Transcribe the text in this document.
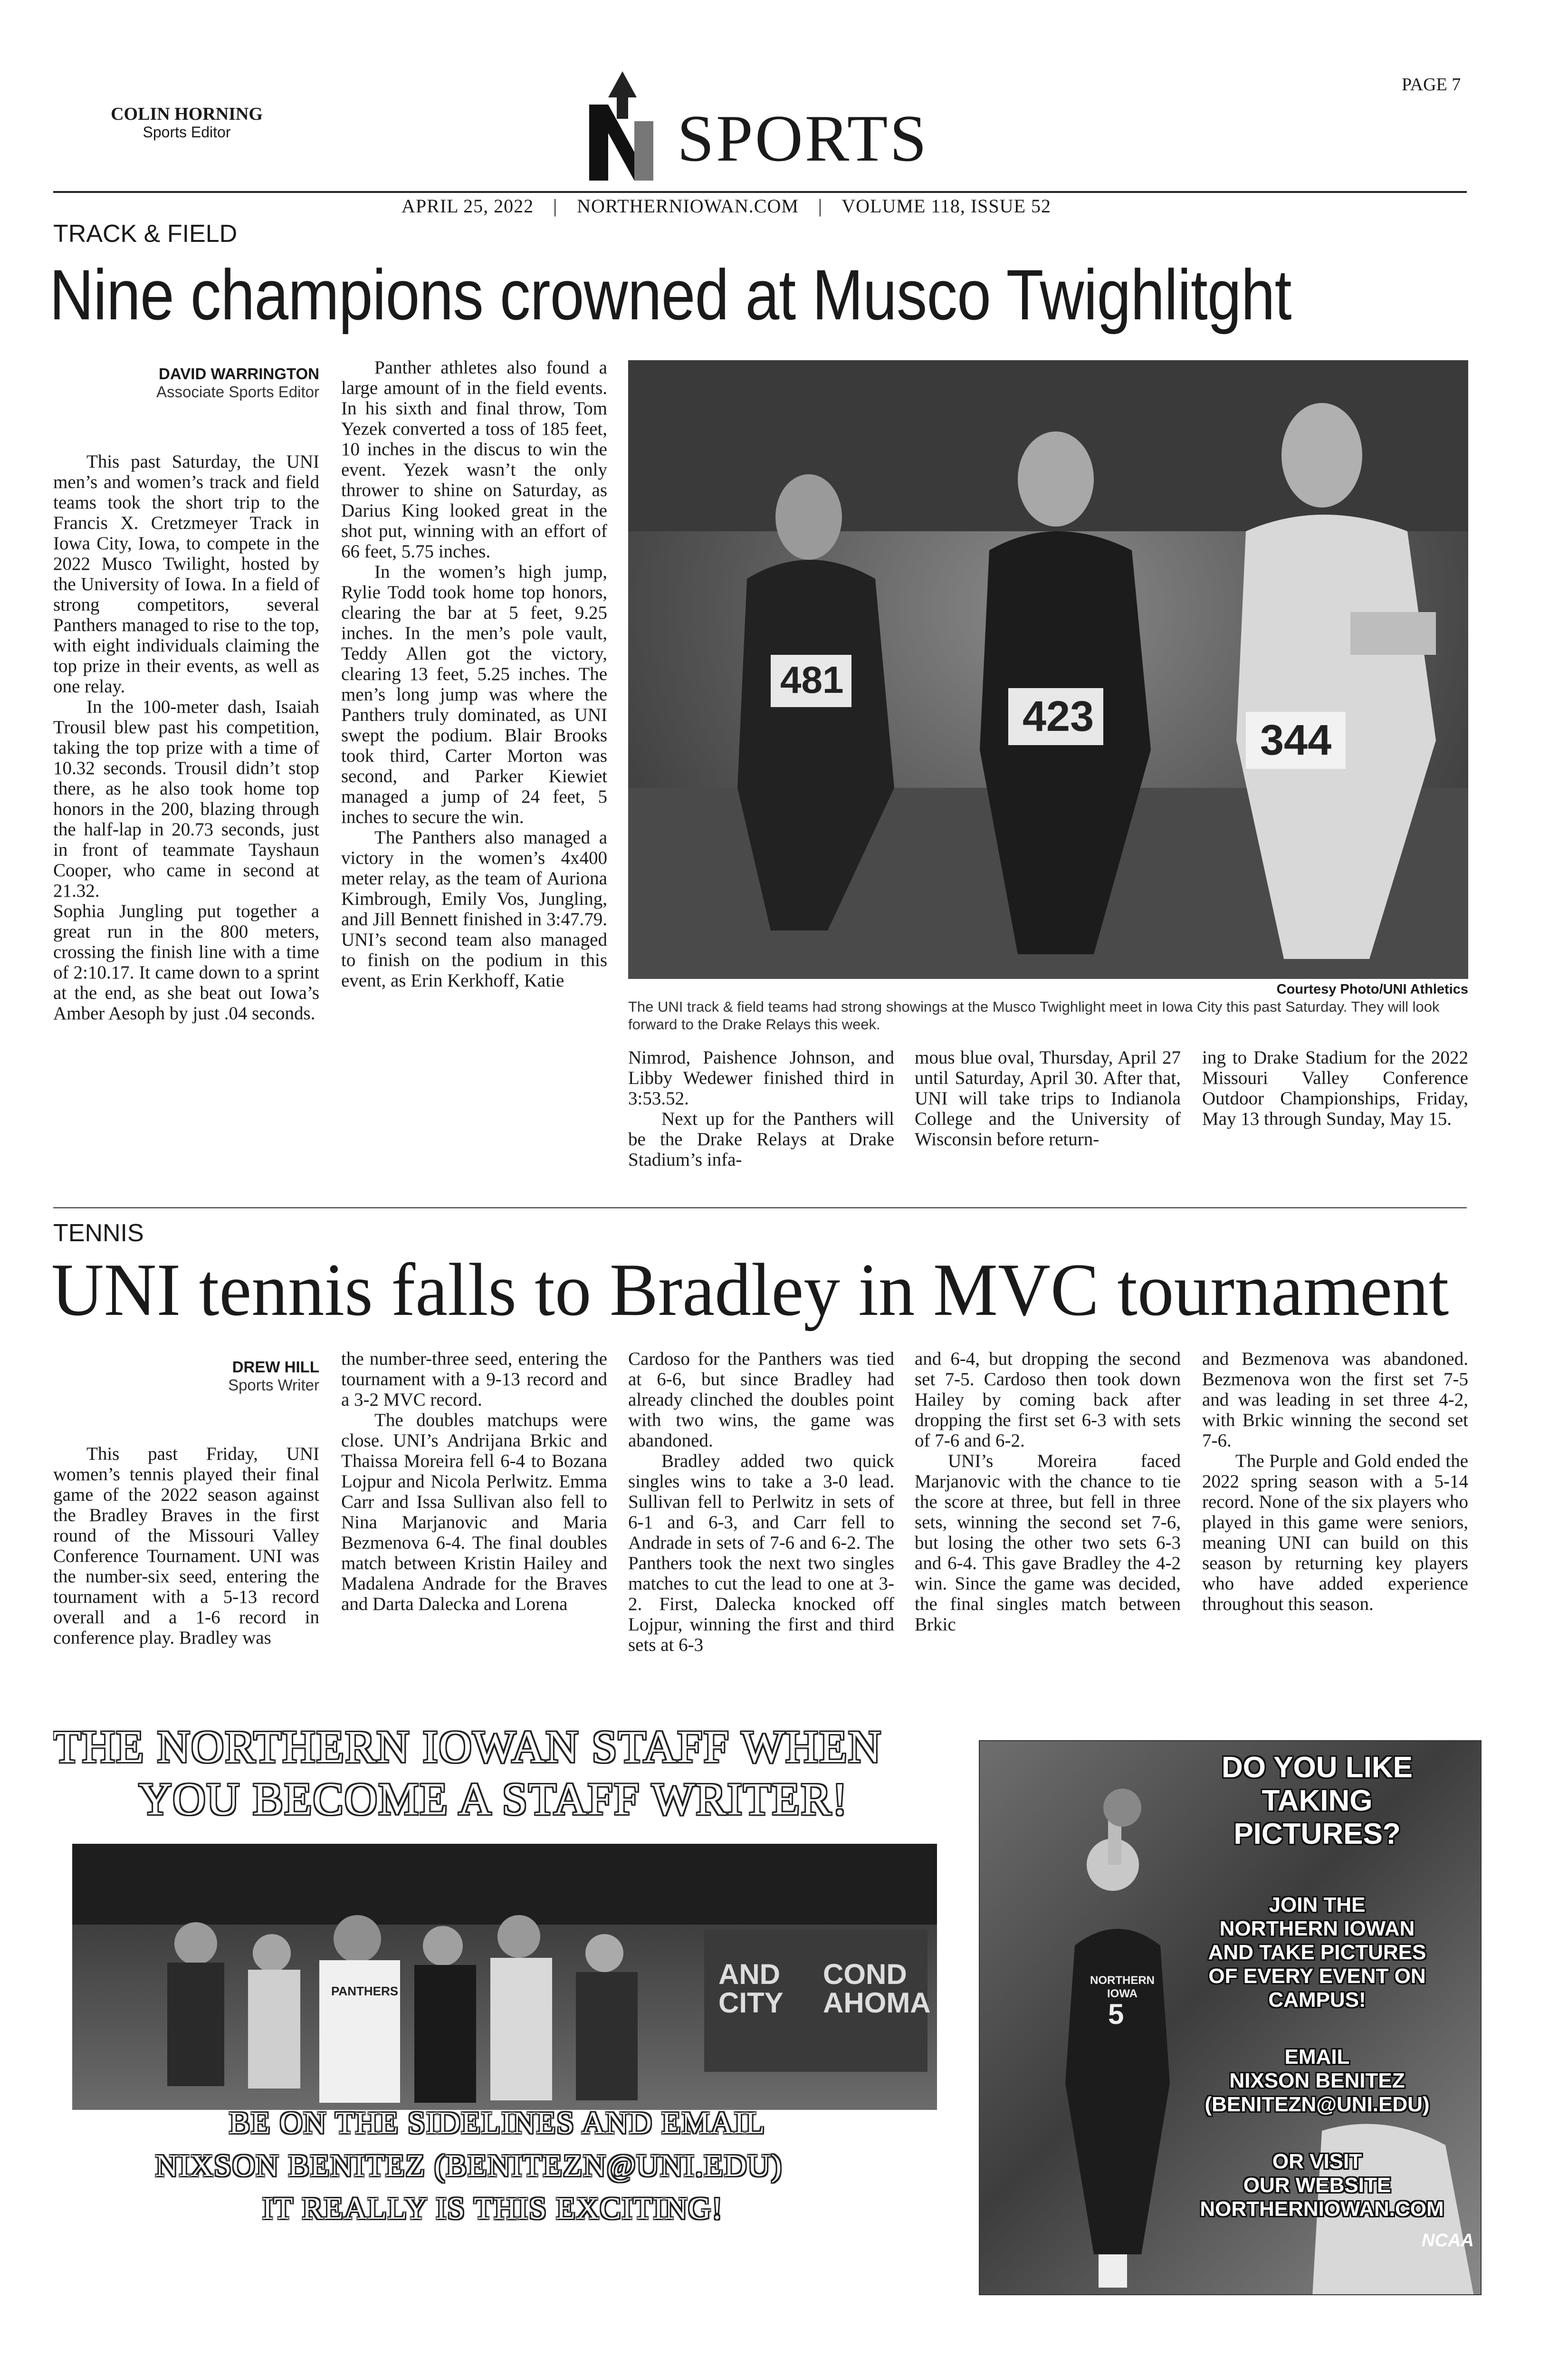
COLIN HORNING
Sports Editor	SPORTS
PAGE 7
APRIL 25, 2022 | NORTHERNIOWAN.COM | VOLUME 118, ISSUE 52
TRACK & FIELD
Nine champions crowned at Musco Twighlitght
DAVID WARRINGTON
Associate Sports Editor

This past Saturday, the UNI men’s and women’s track and field teams took the short trip to the Francis X. Cretzmeyer Track in Iowa City, Iowa, to compete in the 2022 Musco Twilight, hosted by the University of Iowa. In a field of strong competitors, several Panthers managed to rise to the top, with eight individuals claiming the top prize in their events, as well as one relay.

In the 100-meter dash, Isaiah Trousil blew past his competition, taking the top prize with a time of 10.32 seconds. Trousil didn’t stop there, as he also took home top honors in the 200, blazing through the half-lap in 20.73 seconds, just in front of teammate Tayshaun Cooper, who came in second at 21.32.

Sophia Jungling put together a great run in the 800 meters, crossing the finish line with a time of 2:10.17. It came down to a sprint at the end, as she beat out Iowa’s Amber Aesoph by just .04 seconds.

Panther athletes also found a large amount of in the field events. In his sixth and final throw, Tom Yezek converted a toss of 185 feet, 10 inches in the discus to win the event. Yezek wasn’t the only thrower to shine on Saturday, as Darius King looked great in the shot put, winning with an effort of 66 feet, 5.75 inches.

In the women’s high jump, Rylie Todd took home top honors, clearing the bar at 5 feet, 9.25 inches. In the men’s pole vault, Teddy Allen got the victory, clearing 13 feet, 5.25 inches. The men’s long jump was where the Panthers truly dominated, as UNI swept the podium. Blair Brooks took third, Carter Morton was second, and Parker Kiewiet managed a jump of 24 feet, 5 inches to secure the win.

The Panthers also managed a victory in the women’s 4x400 meter relay, as the team of Auriona Kimbrough, Emily Vos, Jungling, and Jill Bennett finished in 3:47.79. UNI’s second team also managed to finish on the podium in this event, as Erin Kerkhoff, Katie

481
423	344
Courtesy Photo/UNI Athletics
The UNI track & field teams had strong showings at the Musco Twighlight meet in Iowa City this past Saturday. They will look forward to the Drake Relays this week.

Nimrod, Paishence Johnson, and Libby Wedewer finished third in 3:53.52.

Next up for the Panthers will be the Drake Relays at Drake Stadium’s infa-

mous blue oval, Thursday, April 27 until Saturday, April 30. After that, UNI will take trips to Indianola College and the University of Wisconsin before return-

ing to Drake Stadium for the 2022 Missouri Valley Conference Outdoor Championships, Friday, May 13 through Sunday, May 15.

TENNIS
UNI tennis falls to Bradley in MVC tournament
DREW HILL
Sports Writer

This past Friday, UNI women’s tennis played their final game of the 2022 season against the Bradley Braves in the first round of the Missouri Valley Conference Tournament. UNI was the number-six seed, entering the tournament with a 5-13 record overall and a 1-6 record in conference play. Bradley was

the number-three seed, entering the tournament with a 9-13 record and a 3-2 MVC record.

The doubles matchups were close. UNI’s Andrijana Brkic and Thaissa Moreira fell 6-4 to Bozana Lojpur and Nicola Perlwitz. Emma Carr and Issa Sullivan also fell to Nina Marjanovic and Maria Bezmenova 6-4. The final doubles match between Kristin Hailey and Madalena Andrade for the Braves and Darta Dalecka and Lorena

Cardoso for the Panthers was tied at 6-6, but since Bradley had already clinched the doubles point with two wins, the game was abandoned.

Bradley added two quick singles wins to take a 3-0 lead. Sullivan fell to Perlwitz in sets of 6-1 and 6-3, and Carr fell to Andrade in sets of 7-6 and 6-2. The Panthers took the next two singles matches to cut the lead to one at 3-2. First, Dalecka knocked off Lojpur, winning the first and third sets at 6-3

and 6-4, but dropping the second set 7-5. Cardoso then took down Hailey by coming back after dropping the first set 6-3 with sets of 7-6 and 6-2.

UNI’s Moreira faced Marjanovic with the chance to tie the score at three, but fell in three sets, winning the second set 7-6, but losing the other two sets 6-3 and 6-4. This gave Bradley the 4-2 win. Since the game was decided, the final singles match between Brkic

and Bezmenova was abandoned. Bezmenova won the first set 7-5 and was leading in set three 4-2, with Brkic winning the second set 7-6.

The Purple and Gold ended the 2022 spring season with a 5-14 record. None of the six players who played in this game were seniors, meaning UNI can build on this season by returning key players who have added experience throughout this season.

THE NORTHERN IOWAN STAFF WHEN
YOU BECOME A STAFF WRITER!
PANTHERS
AND
CITY
COND
AHOMA
BE ON THE SIDELINES AND EMAIL
NIXSON BENITEZ (BENITEZN@UNI.EDU)
IT REALLY IS THIS EXCITING!
NORTHERN IOWA
5
NCAA
DO YOU LIKE
TAKING
PICTURES?
JOIN THE
NORTHERN IOWAN
AND TAKE PICTURES
OF EVERY EVENT ON
CAMPUS!
EMAIL
NIXSON BENITEZ
(BENITEZN@UNI.EDU)
OR VISIT
OUR WEBSITE
NORTHERNIOWAN.COM
